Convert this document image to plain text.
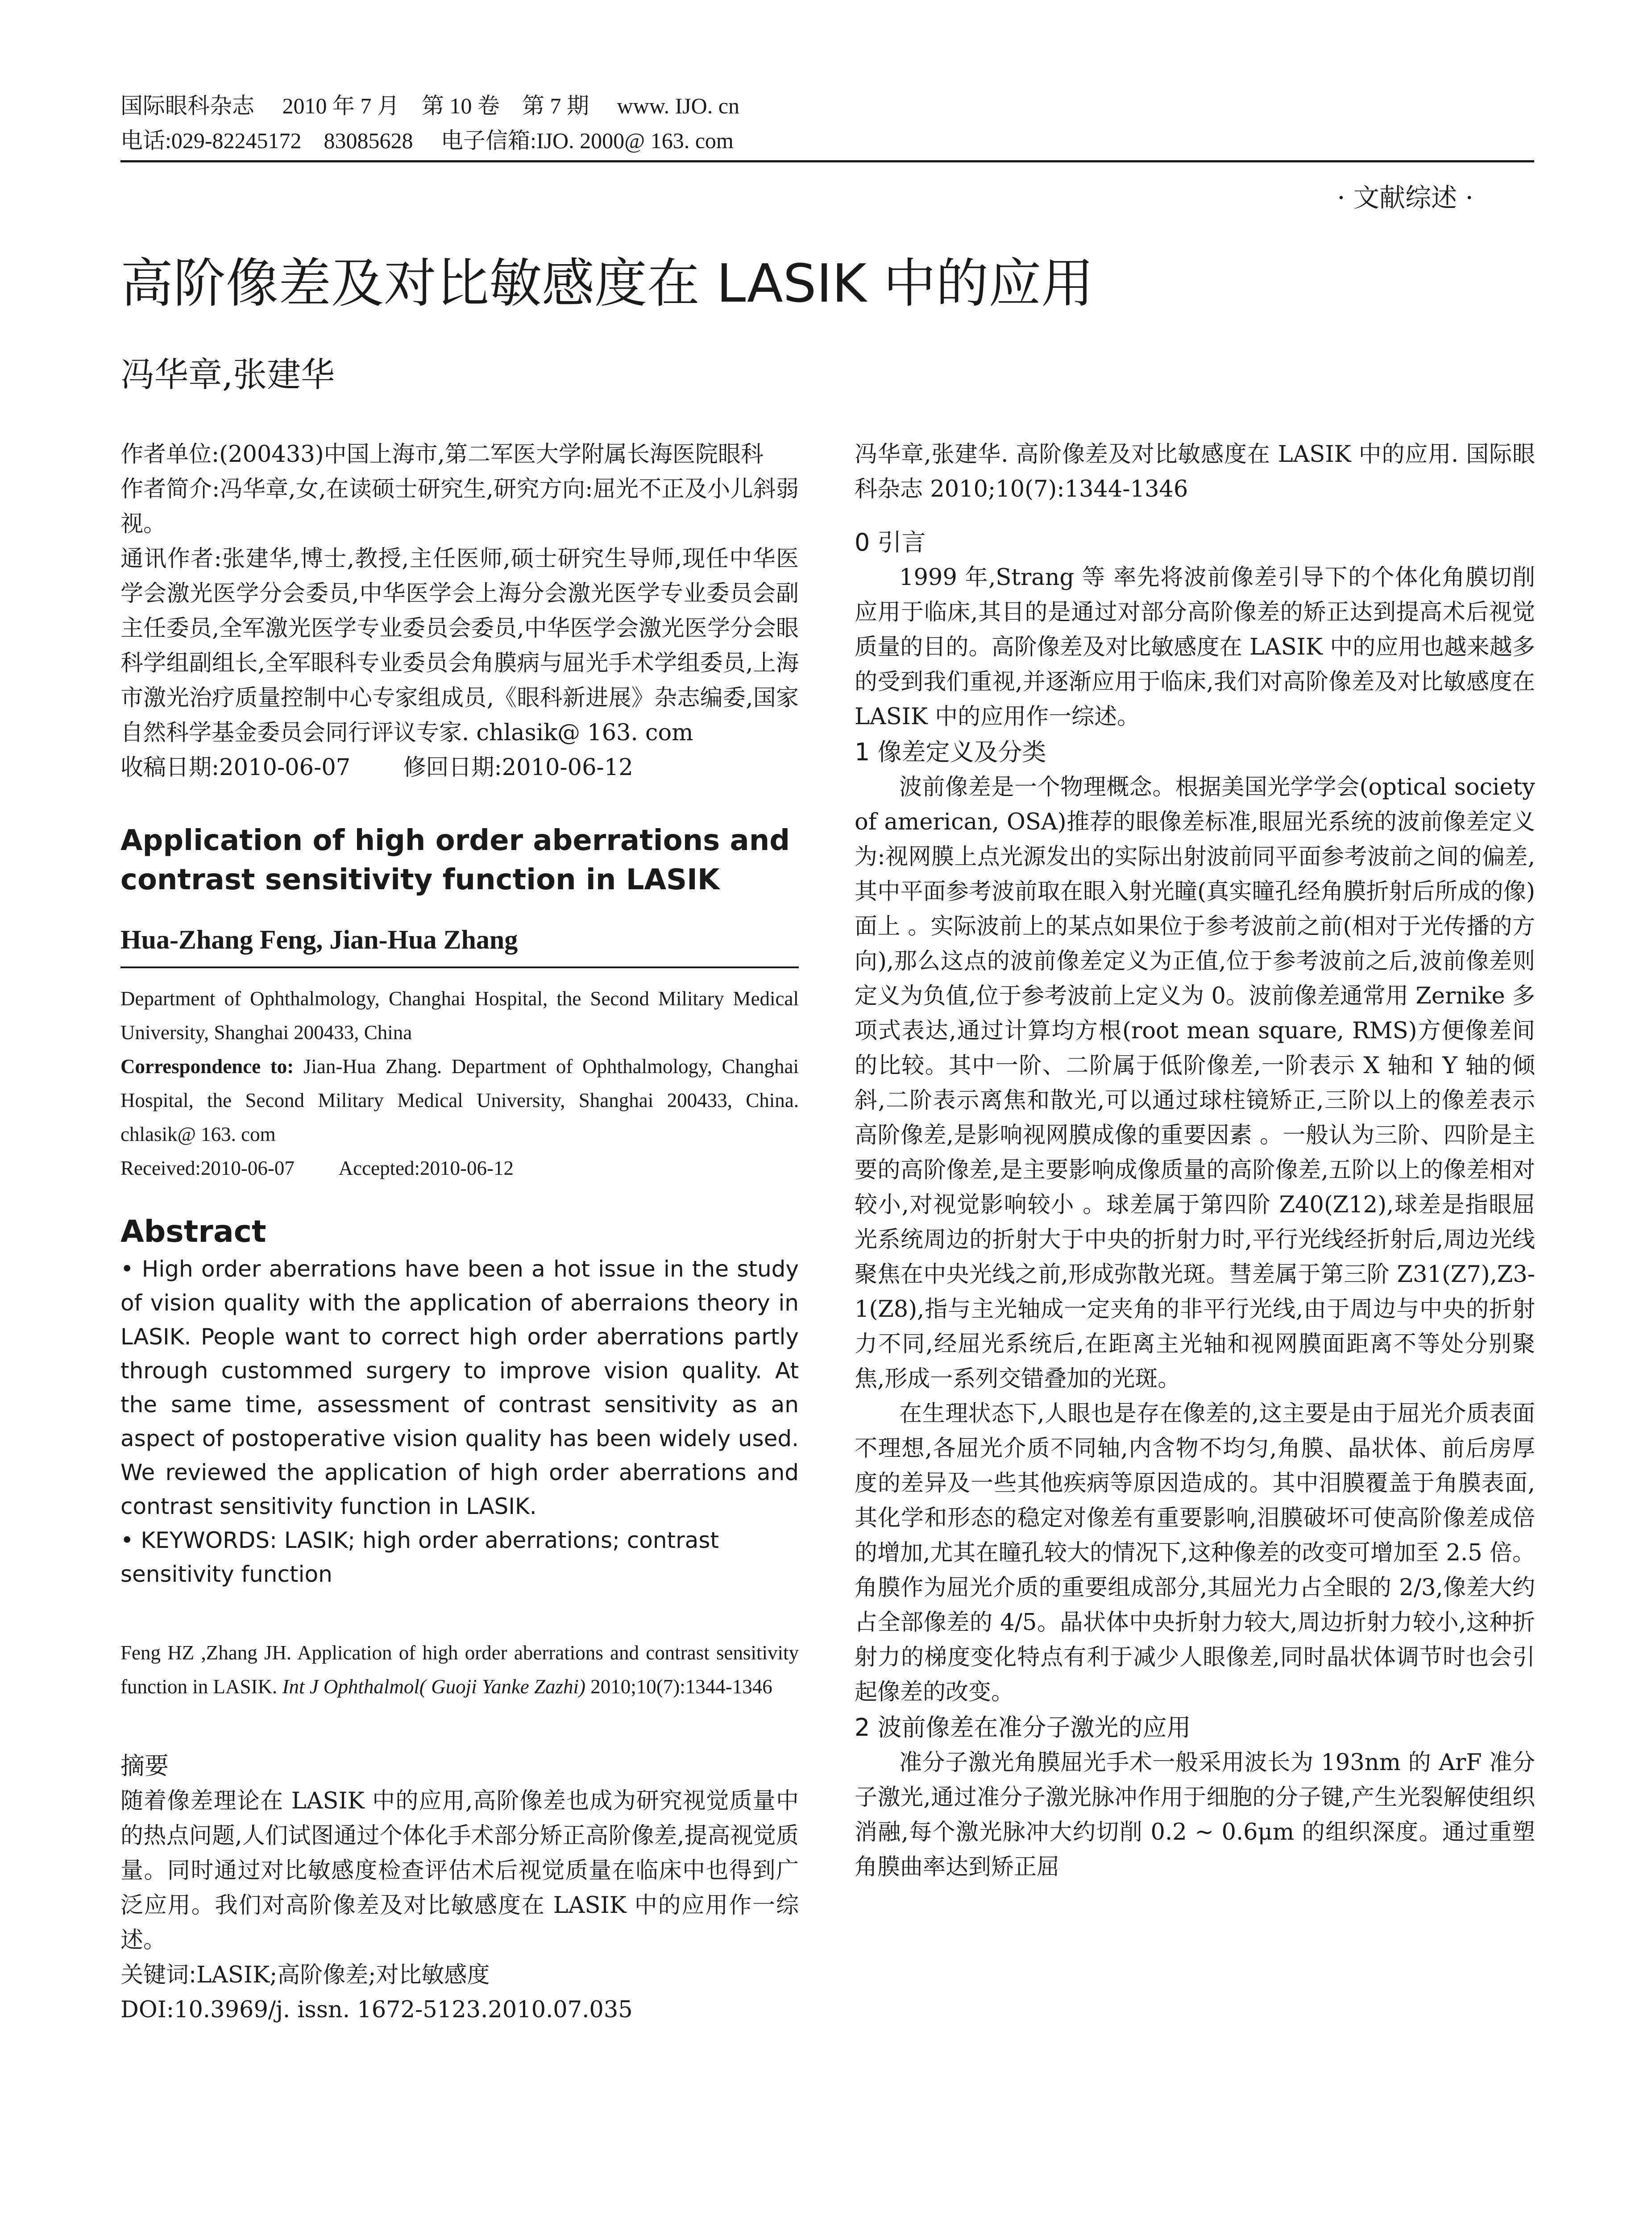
国际眼科杂志　 2010 年 7 月　第 10 卷　第 7 期　 www. IJO. cn
电话:029-82245172　83085628　 电子信箱:IJO. 2000@ 163. com
· 文献综述 ·
高阶像差及对比敏感度在 LASIK 中的应用
冯华章,张建华

作者单位:(200433)中国上海市,第二军医大学附属长海医院眼科

作者简介:冯华章,女,在读硕士研究生,研究方向:屈光不正及小儿斜弱视。

通讯作者:张建华,博士,教授,主任医师,硕士研究生导师,现任中华医学会激光医学分会委员,中华医学会上海分会激光医学专业委员会副主任委员,全军激光医学专业委员会委员,中华医学会激光医学分会眼科学组副组长,全军眼科专业委员会角膜病与屈光手术学组委员,上海市激光治疗质量控制中心专家组成员,《眼科新进展》杂志编委,国家自然科学基金委员会同行评议专家. chlasik@ 163. com

收稿日期:2010-06-07　　 修回日期:2010-06-12

Application of high order aberrations and contrast sensitivity function in LASIK
Hua-Zhang Feng, Jian-Hua Zhang

Department of Ophthalmology, Changhai Hospital, the Second Military Medical University, Shanghai 200433, China

Correspondence to: Jian-Hua Zhang. Department of Ophthalmology, Changhai Hospital, the Second Military Medical University, Shanghai 200433, China. chlasik@ 163. com

Received:2010-06-07　　 Accepted:2010-06-12

Abstract

• High order aberrations have been a hot issue in the study of vision quality with the application of aberraions theory in LASIK. People want to correct high order aberrations partly through custommed surgery to improve vision quality. At the same time, assessment of contrast sensitivity as an aspect of postoperative vision quality has been widely used. We reviewed the application of high order aberrations and contrast sensitivity function in LASIK.

• KEYWORDS: LASIK; high order aberrations; contrast sensitivity function

Feng HZ ,Zhang JH. Application of high order aberrations and contrast sensitivity function in LASIK. Int J Ophthalmol( Guoji Yanke Zazhi) 2010;10(7):1344-1346

摘要

随着像差理论在 LASIK 中的应用,高阶像差也成为研究视觉质量中的热点问题,人们试图通过个体化手术部分矫正高阶像差,提高视觉质量。同时通过对比敏感度检查评估术后视觉质量在临床中也得到广泛应用。我们对高阶像差及对比敏感度在 LASIK 中的应用作一综述。

关键词:LASIK;高阶像差;对比敏感度

DOI:10.3969/j. issn. 1672-5123.2010.07.035

冯华章,张建华. 高阶像差及对比敏感度在 LASIK 中的应用. 国际眼科杂志 2010;10(7):1344-1346

0 引言

1999 年,Strang 等 率先将波前像差引导下的个体化角膜切削应用于临床,其目的是通过对部分高阶像差的矫正达到提高术后视觉质量的目的。高阶像差及对比敏感度在 LASIK 中的应用也越来越多的受到我们重视,并逐渐应用于临床,我们对高阶像差及对比敏感度在 LASIK 中的应用作一综述。

1 像差定义及分类

波前像差是一个物理概念。根据美国光学学会(optical society of american, OSA)推荐的眼像差标准,眼屈光系统的波前像差定义为:视网膜上点光源发出的实际出射波前同平面参考波前之间的偏差,其中平面参考波前取在眼入射光瞳(真实瞳孔经角膜折射后所成的像)面上 。实际波前上的某点如果位于参考波前之前(相对于光传播的方向),那么这点的波前像差定义为正值,位于参考波前之后,波前像差则定义为负值,位于参考波前上定义为 0。波前像差通常用 Zernike 多项式表达,通过计算均方根(root mean square, RMS)方便像差间的比较。其中一阶、二阶属于低阶像差,一阶表示 X 轴和 Y 轴的倾斜,二阶表示离焦和散光,可以通过球柱镜矫正,三阶以上的像差表示高阶像差,是影响视网膜成像的重要因素 。一般认为三阶、四阶是主要的高阶像差,是主要影响成像质量的高阶像差,五阶以上的像差相对较小,对视觉影响较小 。球差属于第四阶 Z40(Z12),球差是指眼屈光系统周边的折射大于中央的折射力时,平行光线经折射后,周边光线聚焦在中央光线之前,形成弥散光斑。彗差属于第三阶 Z31(Z7),Z3-1(Z8),指与主光轴成一定夹角的非平行光线,由于周边与中央的折射力不同,经屈光系统后,在距离主光轴和视网膜面距离不等处分别聚焦,形成一系列交错叠加的光斑。

在生理状态下,人眼也是存在像差的,这主要是由于屈光介质表面不理想,各屈光介质不同轴,内含物不均匀,角膜、晶状体、前后房厚度的差异及一些其他疾病等原因造成的。其中泪膜覆盖于角膜表面,其化学和形态的稳定对像差有重要影响,泪膜破坏可使高阶像差成倍的增加,尤其在瞳孔较大的情况下,这种像差的改变可增加至 2.5 倍。角膜作为屈光介质的重要组成部分,其屈光力占全眼的 2/3,像差大约占全部像差的 4/5。晶状体中央折射力较大,周边折射力较小,这种折射力的梯度变化特点有利于减少人眼像差,同时晶状体调节时也会引起像差的改变。

2 波前像差在准分子激光的应用

准分子激光角膜屈光手术一般采用波长为 193nm 的 ArF 准分子激光,通过准分子激光脉冲作用于细胞的分子键,产生光裂解使组织消融,每个激光脉冲大约切削 0.2 ~ 0.6μm 的组织深度。通过重塑角膜曲率达到矫正屈
